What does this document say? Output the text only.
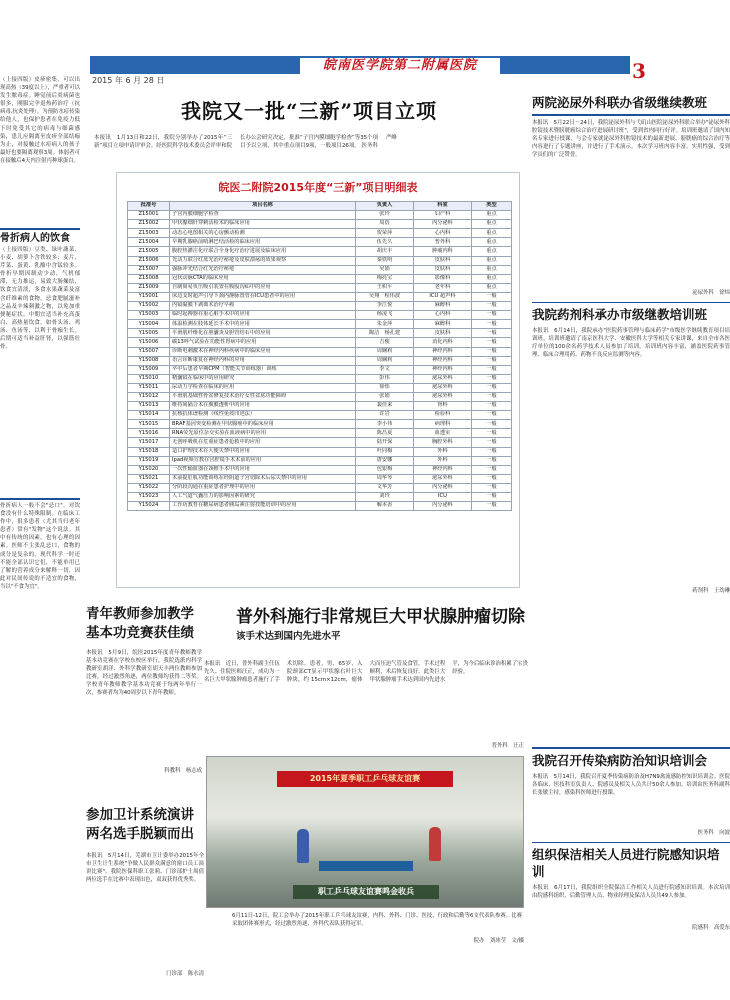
皖南医学院第二附属医院
2015 年 6 月 28 日	3
（上接四版）皮疹密集，可以出现高热（39度以上），严重者可以发生脓毒症。睡觉前后炎病菌也很多，刚服完孕退热药治疗（抗病毒,抗炎处理）。为预防水痘传染给他人，也保护患者在免疫力低下时免受其它的病毒与细菌感染，患儿应隔离至皮疹全部结痂为止，对接触过水痘病人的孩子最好也要隔离观察3周。体弱者可在接触后4天内注射丙种球蛋白。
骨折病人的饮食
（上接四版）豆类、绿叶蔬菜、小麦、胡萝卜含铁较多；麦片、芹菜、蛋黄、乳酪中含锰较多。骨折早期因制动少动，气机郁滞，无力推运，易致大肠燥结，饮食宜清淡，多食水果蔬菜及富含纤维素的食物，忌食肥腻滋补之品及辛辣刺激之物，以免加重便秘症状。中期宜适当补充高蛋白、高热量饮食，如骨头汤、鸡汤、鱼汤等，以利于骨痂生长。后期可适当补益肝肾，以强筋壮骨。
骨折病人一般不会"忌口"，对饮食没有什么特殊限制。在临床工作中，很多患者（尤其当归老年患者）常有"发物"这个说法。其中有传统的因素，也有心理的因素。医师不主张乱忌口，食物的成分是复杂的，现代科学一时还不能全部认识它们，不能单用已了解的营养成分来解释一切，因此对民间传说的不适宜的食物，当以"不食为宜"。
我院又一批“三新”项目立项
本报讯　1月13日和22日，我院分别举办了2015年“三新”项目立项申请评审会。经医院科学技术委员会评审和院长办公会研究决定，批准“子宫内膜细胞学检查”等35个项目予以立项，其中重点项目9项，一般项目26项。 医务科　严峰
皖医二附院2015年度“三新”项目明细表
批准号	项目名称	负责人	科室	类型
Z15001	子宫内膜细胞学检查	张玲	妇产科	重点
Z15002	甲状腺细针穿刺活检术的临床应用	周蓓	内分泌科	重点
Z15003	动态心电图相关的心房颤动检测	贺荣萍	心内科	重点
Z15004	早期乳腺癌前哨淋巴结活检的临床应用	伍先久	普外科	重点
Z15005	腹腔热灌注化疗联合全身化疗治疗进展及临床应用	胡庆丰	肿瘤内科	重点
Z15006	光动力联合红蓝光治疗痤疮及皮肤溃疡的效果观察	秦铁明	皮肤科	重点
Z15007	强脉冲光结合红光治疗痤疮	吴娟	皮肤科	重点
Z15008	冠状动脉CTA的临床应用	梅亮宝	影像科	重点
Z15009	自制简易负压吸引装置在腹股沟疝中的应用	王积平	老年科	重点
Y15001	床边支时超声引导下颈内静脉置管在ICU患者中的应用	吴翔　程伟波	ICU 超声科	一般
Y15002	内镜黏膜下剥离术治疗早癌	李江悦	麻醉科	一般
Y15003	临时起搏器在重心脏手术中的应用	杨凌飞	心内科	一般
Y15004	体温检测在肢体延长手术中的应用	朱金萍	麻醉科	一般
Y15005	平滑肌纤维化在胆囊炎及胆管结石中的应用	陶洁　杨孔建	皮肤科	一般
Y15006	碳13呼气试验在功能性胃病中的应用	吉俊	消化内科	一般
Y15007	诊断电刺激术在神经内科疾病中的临床应用	周娴莉	神经内科	一般
Y15008	语言诊断康复在神经内科的应用	周娴莉	神经内科	一般
Y15009	卒中后患者早期CPM（智能关节训练器）训练	李文	神经内科	一般
Y15010	精囊镜在临床中的应用研究	彭伟	泌尿外科	一般
Y15011	尿动力学检查在临床的应用	徐炜	泌尿外科	一般
Y15012	平滑肌基础性骨盆修复技术治疗女性盆底功能障碍	张娟	泌尿外科	一般
Y15013	维持间隔合术在腹膜透析中的应用	裴佳来	肾科	一般
Y15014	抗核抗体谱检测（线性免疫印迹法）	许岩	检验科	一般
Y15015	BRAF基因突变检测在甲状腺癌中的临床应用	李小伟	病理科	一般
Y15016	RNA荧光原位杂交实验在血液病中的应用	陈昌夏	血透室	一般
Y15017	无创呼吸机在危重症患者抢救中的应用	陆开保	胸腔外科	一般
Y15018	造口护理技术在大便失禁中的应用	叶同梅	外科	一般
Y15019	Ipad视频宣教在宫腔镜手术术前的应用	唐安娜	外科	一般
Y15020	一次性输血器在颈椎手术中的应用	包银梅	神经内科	一般
Y15021	术前提肛肌功能训练在经阴道子宫切除术后尿失禁中的应用	周华琴	泌尿外科	一般
Y15022	分阶段沟通在重症患者护理中的应用	文华芳	内分泌科	一般
Y15023	人工气道气囊压力的影响因素的研究	刘玲	ICU	一般
Y15024	工作坊教育在糖尿病患者胰岛素注射技能培训中的应用	解本香	内分泌科	一般
两院泌尿外科联办省级继续教班
本报讯　5月22日－24日，我院泌尿外科与弋矶山医院泌尿外科联合举办"泌尿外科腔镜技术暨膀胱癌综合治疗进展研讨班"，受到省内同行好评。培训班邀请了国内知名专家进行授课，与会专家就泌尿外科腔镜技术的最新进展、膀胱癌的综合治疗等内容进行了专题讲座，并进行了手术演示。本次学习班内容丰富，实用性强，受到学员们的广泛赞誉。
泌尿外科　徐炜
我院药剂科承办市级继教培训班
本报讯　6月14日，我院承办"医院药事管理与临床药学"市级医学继续教育项目培训班。培训班邀请了南京医科大学、安徽医科大学等相关专家讲课，来自全市各医疗单位的100余名药学技术人员参加了培训。培训班内容丰富，涵盖医院药事管理、临床合理用药、药物不良反应监测等内容。
药剂科　王幼琳
我院召开传染病防治知识培训会
本报讯　5月14日，我院召开夏季传染病防治及H7N9禽流感防控知识培训会。医院各临床、医技科室负责人、院感员及相关人员共计50余人参加。培训由医务科副科长张敏主持，感染科医师进行授课。
医务科　向波
组织保洁相关人员进行院感知识培训
本报讯　6月17日，我院组织全院保洁工作相关人员进行院感知识培训。本次培训由院感科组织，后勤管理人员、物业经理及保洁人员共49人参加。
院感科　高爱东
青年教师参加教学基本功竞赛获佳绩
本报讯　5月9日，皖医2015年度青年教师教学基本功竞赛在学校东校区举行。我院选派内科学教研室胡洋、外科学教研室胡天丰两位教师参加比赛，经过激烈角逐，两位教师均获得二等奖。学校青年教师教学基本功竞赛于每两年举行一次，参赛者均为40周岁以下青年教师。
科教科　杨志成
普外科施行非常规巨大甲状腺肿瘤切除
该手术达到国内先进水平
本报讯　近日，普外科副主任伍先久、住院医师汪正，成功为一名巨大甲状腺肿瘤患者施行了手术切除。患者，男，65岁，入院颈部CT显示甲状腺右叶巨大肿块，约 15cm×12cm，瘤体大而压迫气管及食管。手术过程顺利，术后恢复良好。此类巨大甲状腺肿瘤手术达到国内先进水平，为今后临床诊治积累了宝贵经验。
普外科　汪正
2015年夏季职工乒乓球友谊赛
职工乒乓球友谊赛鸣金收兵
6月11日-12日，院工会举办了2015年职工乒乓球友谊赛，内科、外科、门诊、医技、行政和后勤等6支代表队参赛。比赛采取团体赛形式，经过激烈角逐，外科代表队获得冠军。
院办　刘冰莹　文/摄
参加卫计系统演讲两名选手脱颖而出
本报讯　5月14日，芜湖市卫计委举办2015年全市卫生计生系统"争做人民群众满意的窗口员工演讲比赛"。我院医保科职工张莉、门诊部护士周倩两位选手在比赛中表现出色，双双获得优秀奖。
门诊部　陈水清
